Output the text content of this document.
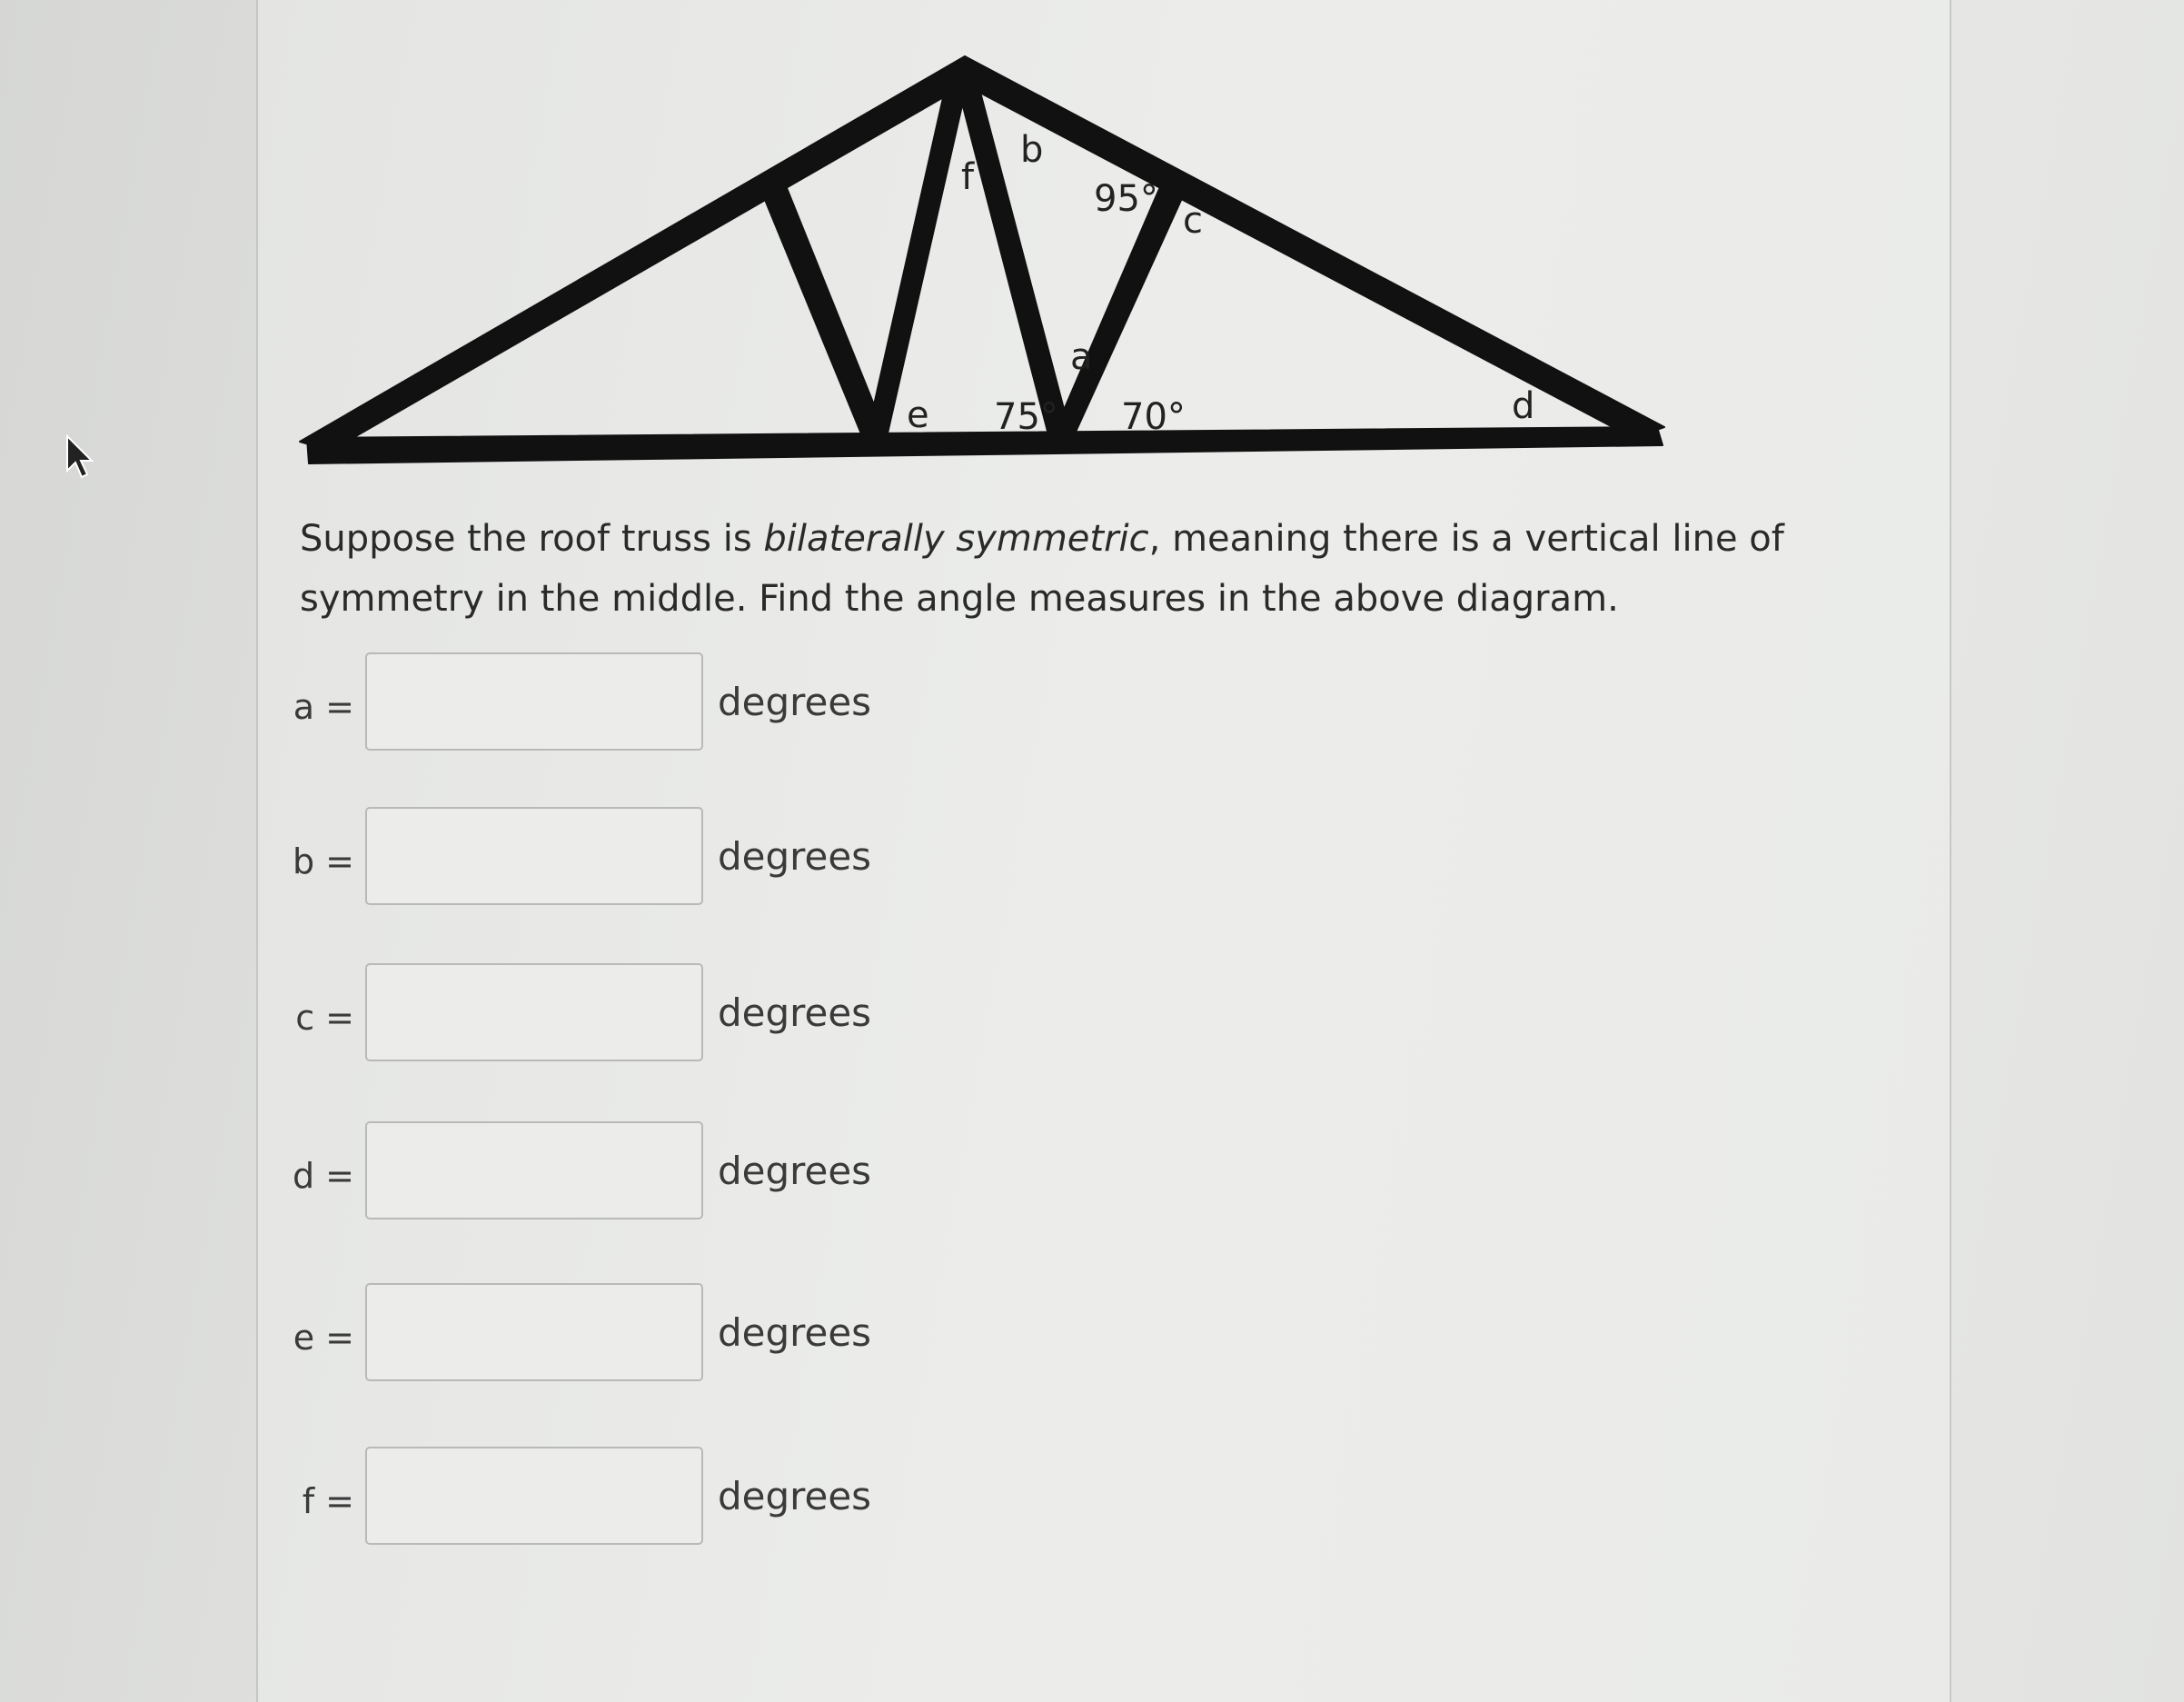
b
f
95°
c
a
e 75° 70°	d
Suppose the roof truss is bilaterally symmetric, meaning there is a vertical line of symmetry in the middle. Find the angle measures in the above diagram.
a =	degrees
b =	degrees
c =	degrees
d =	degrees
e =	degrees
f =	degrees
